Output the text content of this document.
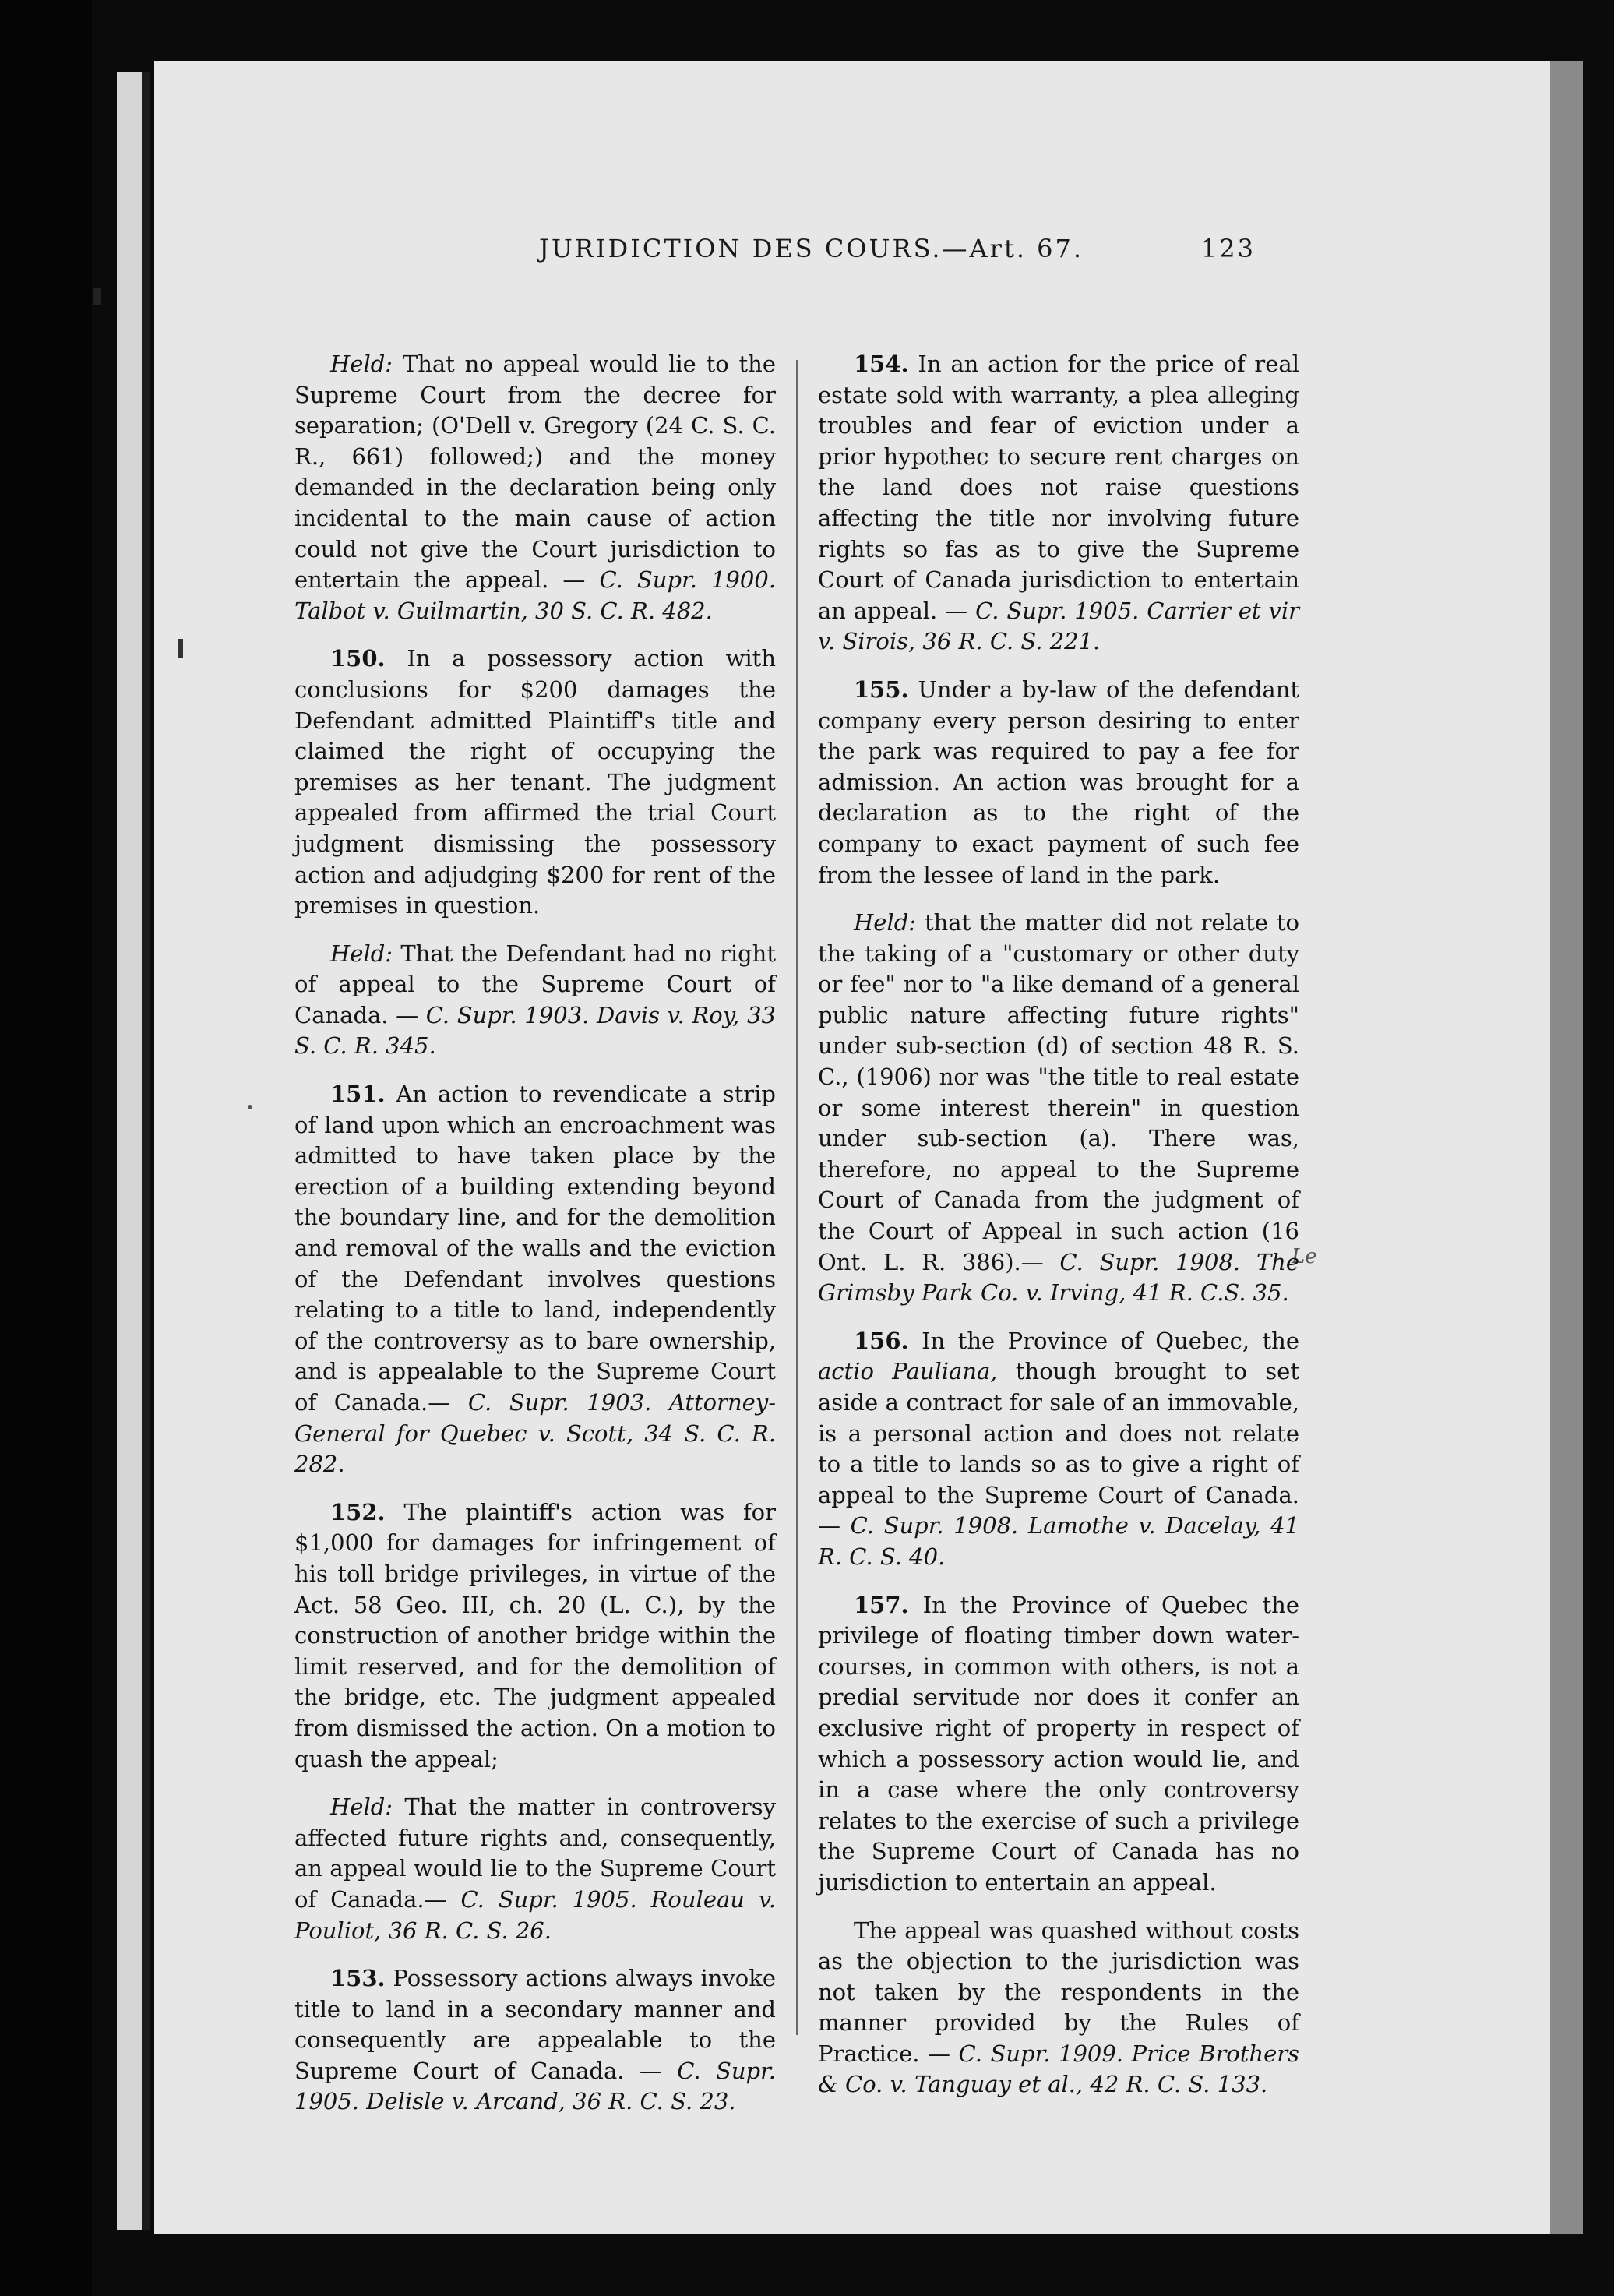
Le
JURIDICTION DES COURS.—Art. 67.	123

Held: That no appeal would lie to the Supreme Court from the decree for separation; (O'Dell v. Gregory (24 C. S. C. R., 661) followed;) and the money demanded in the declaration being only incidental to the main cause of action could not give the Court jurisdiction to entertain the appeal. — C. Supr. 1900. Talbot v. Guilmartin, 30 S. C. R. 482.

150. In a possessory action with conclusions for $200 damages the Defendant admitted Plaintiff's title and claimed the right of occupying the premises as her tenant. The judgment appealed from affirmed the trial Court judgment dismissing the possessory action and adjudging $200 for rent of the premises in question.

Held: That the Defendant had no right of appeal to the Supreme Court of Canada. — C. Supr. 1903. Davis v. Roy, 33 S. C. R. 345.

151. An action to revendicate a strip of land upon which an encroachment was admitted to have taken place by the erection of a building extending beyond the boundary line, and for the demolition and removal of the walls and the eviction of the Defendant involves questions relating to a title to land, independently of the controversy as to bare ownership, and is appealable to the Supreme Court of Canada.— C. Supr. 1903. Attorney-General for Quebec v. Scott, 34 S. C. R. 282.

152. The plaintiff's action was for $1,000 for damages for infringement of his toll bridge privileges, in virtue of the Act. 58 Geo. III, ch. 20 (L. C.), by the construction of another bridge within the limit reserved, and for the demolition of the bridge, etc. The judgment appealed from dismissed the action. On a motion to quash the appeal;

Held: That the matter in controversy affected future rights and, consequently, an appeal would lie to the Supreme Court of Canada.— C. Supr. 1905. Rouleau v. Pouliot, 36 R. C. S. 26.

153. Possessory actions always invoke title to land in a secondary manner and consequently are appealable to the Supreme Court of Canada. — C. Supr. 1905. Delisle v. Arcand, 36 R. C. S. 23.

154. In an action for the price of real estate sold with warranty, a plea alleging troubles and fear of eviction under a prior hypothec to secure rent charges on the land does not raise questions affecting the title nor involving future rights so fas as to give the Supreme Court of Canada jurisdiction to entertain an appeal. — C. Supr. 1905. Carrier et vir v. Sirois, 36 R. C. S. 221.

155. Under a by-law of the defendant company every person desiring to enter the park was required to pay a fee for admission. An action was brought for a declaration as to the right of the company to exact payment of such fee from the lessee of land in the park.

Held: that the matter did not relate to the taking of a "customary or other duty or fee" nor to "a like demand of a general public nature affecting future rights" under sub-section (d) of section 48 R. S. C., (1906) nor was "the title to real estate or some interest therein" in question under sub-section (a). There was, therefore, no appeal to the Supreme Court of Canada from the judgment of the Court of Appeal in such action (16 Ont. L. R. 386).— C. Supr. 1908. The Grimsby Park Co. v. Irving, 41 R. C.S. 35.

156. In the Province of Quebec, the actio Pauliana, though brought to set aside a contract for sale of an immovable, is a personal action and does not relate to a title to lands so as to give a right of appeal to the Supreme Court of Canada.— C. Supr. 1908. Lamothe v. Dacelay, 41 R. C. S. 40.

157. In the Province of Quebec the privilege of floating timber down water-courses, in common with others, is not a predial servitude nor does it confer an exclusive right of property in respect of which a possessory action would lie, and in a case where the only controversy relates to the exercise of such a privilege the Supreme Court of Canada has no jurisdiction to entertain an appeal.

The appeal was quashed without costs as the objection to the jurisdiction was not taken by the respondents in the manner provided by the Rules of Practice. — C. Supr. 1909. Price Brothers & Co. v. Tanguay et al., 42 R. C. S. 133.
